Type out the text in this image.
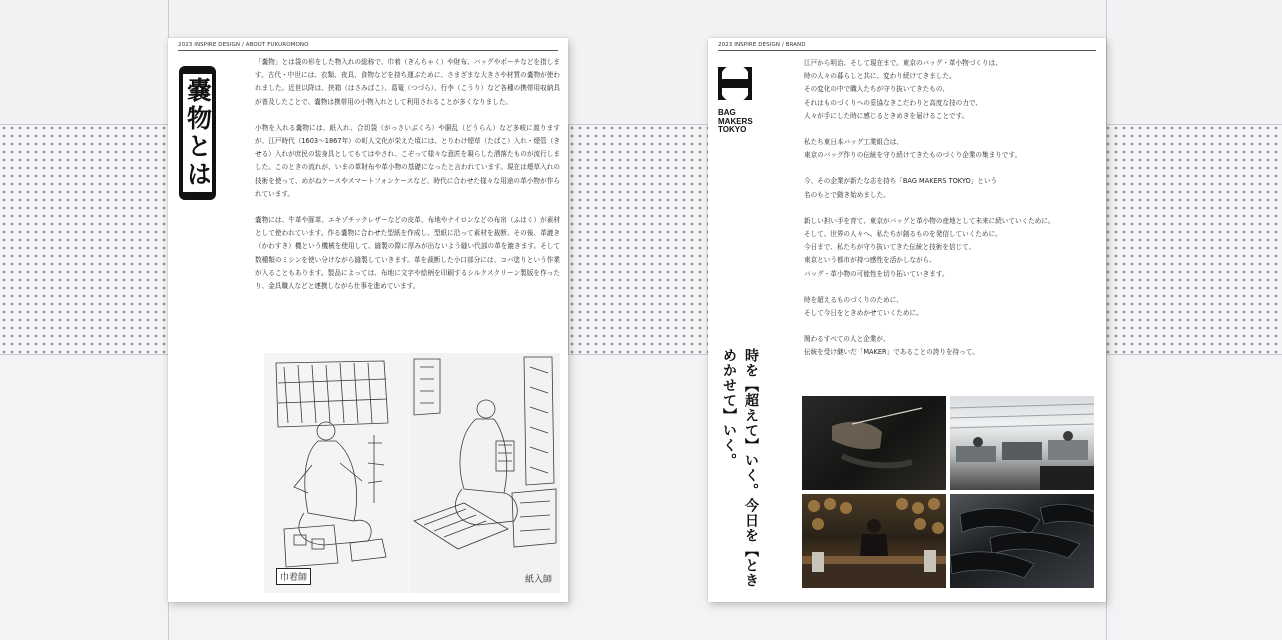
2023 INSPIRE DESIGN / ABOUT FUKUROMONO
嚢物とは

「嚢物」とは袋の形をした物入れの総称で、巾着（きんちゃく）や財布、バッグやポーチなどを指します。古代・中世には、衣類、夜具、食物などを持ち運ぶために、さまざまな大きさや材質の嚢物が使われました。近世以降は、挟箱（はさみばこ）、葛篭（つづら）、行李（こうり）など各種の携帯用収納具が普及したことで、嚢物は携帯用の小物入れとして利用されることが多くなりました。

小物を入れる嚢物には、紙入れ、合切袋（がっさいぶくろ）や胴乱（どうらん）など多岐に渡りますが、江戸時代（1603〜1867年）の町人文化が栄えた頃には、とりわけ煙草（たばこ）入れ・煙管（きせる）入れが庶民の装身具としてもてはやされ、こぞって様々な意匠を凝らした洒落たものが流行しました。このときの流れが、いまの革財布や革小物の基礎になったと言われています。現在は煙草入れの技術を使って、めがねケースやスマートフォンケースなど、時代に合わせた様々な用途の革小物が作られています。

嚢物には、牛革や豚革、エキゾチックレザーなどの皮革、布地やナイロンなどの布帛（ふはく）が素材として使われています。作る嚢物に合わせた型紙を作成し、型紙に沿って素材を裁断、その後、革漉き（かわすき）機という機械を使用して、縫製の際に厚みが出ないよう縫い代部の革を漉きます。そして数種類のミシンを使い分けながら縫製していきます。革を裁断した小口部分には、コバ塗りという作業が入ることもあります。製品によっては、布地に文字や絵柄を印刷するシルクスクリーン製版を作ったり、金具職人などと連携しながら仕事を進めています。

巾着師	紙入師
2023 INSPIRE DESIGN / BRAND
BAG
MAKERS
TOKYO

江戸から明治、そして現在まで。東京のバッグ・革小物づくりは、
時の人々の暮らしと共に、変わり続けてきました。
その変化の中で職人たちが守り抜いてきたもの、
それはものづくりへの妥協なきこだわりと高度な技の力で、
人々が手にした時に感じるときめきを届けることです。

私たち東日本バッグ工業組合は、
東京のバッグ作りの伝統を守り続けてきたものづくり企業の集まりです。

今、その企業が新たな志を持ち「BAG MAKERS TOKYO」という
名のもとで動き始めました。

新しい担い手を育て、東京がバッグと革小物の産地として未来に続いていくために。
そして、世界の人々へ、私たちが創るものを発信していくために。
今日まで、私たちが守り抜いてきた伝統と技術を信じて、
東京という都市が持つ感性を活かしながら、
バッグ・革小物の可能性を切り拓いていきます。

時を超えるものづくりのために、
そして今日をときめかせていくために。

関わるすべての人と企業が、
伝統を受け継いだ「MAKER」であることの誇りを持って。

時を【超えて】いく。今日を【ときめかせて】いく。
